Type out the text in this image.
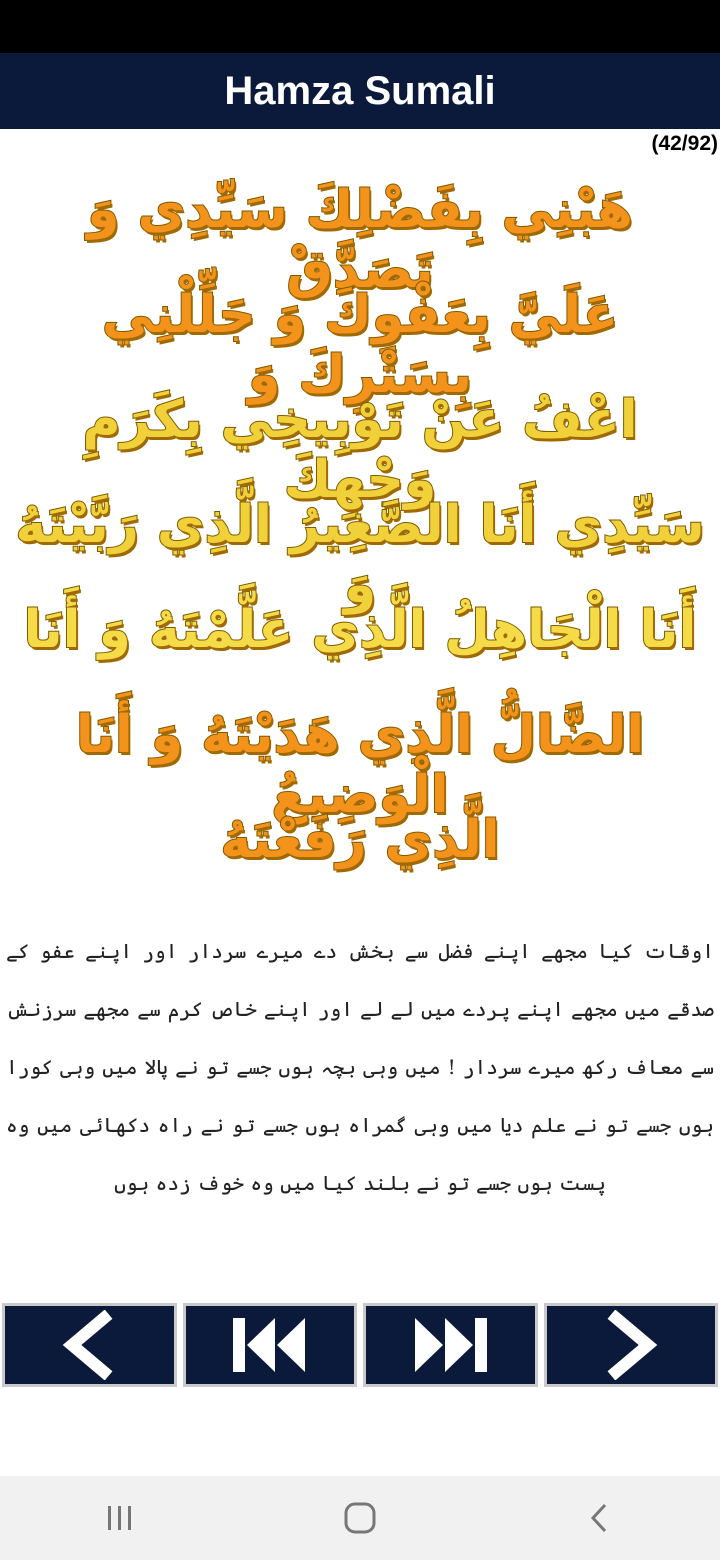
Hamza Sumali
(42/92)
هَبْنِي بِفَضْلِكَ سَيِّدِي وَ تَصَدَّقْ
عَلَيَّ بِعَفْوِكَ وَ جَلِّلْنِي بِسَتْرِكَ وَ
اعْفُ عَنْ تَوْبِيخِي بِكَرَمِ وَجْهِكَ
سَيِّدِي أَنَا الصَّغِيرُ الَّذِي رَبَّيْتَهُ وَ
أَنَا الْجَاهِلُ الَّذِي عَلَّمْتَهُ وَ أَنَا
الضَّالُّ الَّذِي هَدَيْتَهُ وَ أَنَا الْوَضِيعُ
الَّذِي رَفَعْتَهُ
اوقات کیا مجھے اپنے فضل سے بخش دے میرے سردار اور اپنے عفو کے صدقے میں مجھے اپنے پردے میں لے لے اور اپنے خاص کرم سے مجھے سرزنش سے معاف رکھ میرے سردار ! میں وہی بچہ ہوں جسے تو نے پالا میں وہی کورا ہوں جسے تو نے علم دیا میں وہی گمراہ ہوں جسے تو نے راہ دکھائی میں وہ پست ہوں جسے تو نے بلند کیا میں وہ خوف زدہ ہوں
